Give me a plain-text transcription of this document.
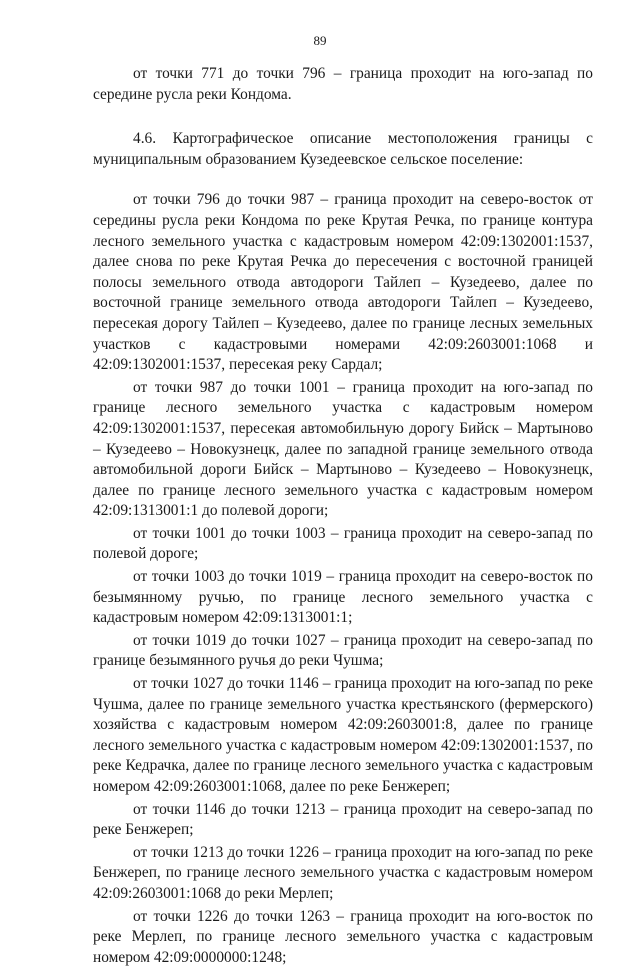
89

от точки 771 до точки 796 – граница проходит на юго-запад по середине русла реки Кондома.

4.6. Картографическое описание местоположения границы с муниципальным образованием Кузедеевское сельское поселение:

от точки 796 до точки 987 – граница проходит на северо-восток от середины русла реки Кондома по реке Крутая Речка, по границе контура лесного земельного участка с кадастровым номером 42:09:1302001:1537, далее снова по реке Крутая Речка до пересечения с восточной границей полосы земельного отвода автодороги Тайлеп – Кузедеево, далее по восточной границе земельного отвода автодороги Тайлеп – Кузедеево, пересекая дорогу Тайлеп – Кузедеево, далее по границе лесных земельных участков с кадастровыми номерами 42:09:2603001:1068 и 42:09:1302001:1537, пересекая реку Сардал;

от точки 987 до точки 1001 – граница проходит на юго-запад по границе лесного земельного участка с кадастровым номером 42:09:1302001:1537, пересекая автомобильную дорогу Бийск – Мартыново – Кузедеево – Новокузнецк, далее по западной границе земельного отвода автомобильной дороги Бийск – Мартыново – Кузедеево – Новокузнецк, далее по границе лесного земельного участка с кадастровым номером 42:09:1313001:1 до полевой дороги;

от точки 1001 до точки 1003 – граница проходит на северо-запад по полевой дороге;

от точки 1003 до точки 1019 – граница проходит на северо-восток по безымянному ручью, по границе лесного земельного участка с кадастровым номером 42:09:1313001:1;

от точки 1019 до точки 1027 – граница проходит на северо-запад по границе безымянного ручья до реки Чушма;

от точки 1027 до точки 1146 – граница проходит на юго-запад по реке Чушма, далее по границе земельного участка крестьянского (фермерского) хозяйства с кадастровым номером 42:09:2603001:8, далее по границе лесного земельного участка с кадастровым номером 42:09:1302001:1537, по реке Кедрачка, далее по границе лесного земельного участка с кадастровым номером 42:09:2603001:1068, далее по реке Бенжереп;

от точки 1146 до точки 1213 – граница проходит на северо-запад по реке Бенжереп;

от точки 1213 до точки 1226 – граница проходит на юго-запад по реке Бенжереп, по границе лесного земельного участка с кадастровым номером 42:09:2603001:1068 до реки Мерлеп;

от точки 1226 до точки 1263 – граница проходит на юго-восток по реке Мерлеп, по границе лесного земельного участка с кадастровым номером 42:09:0000000:1248;
